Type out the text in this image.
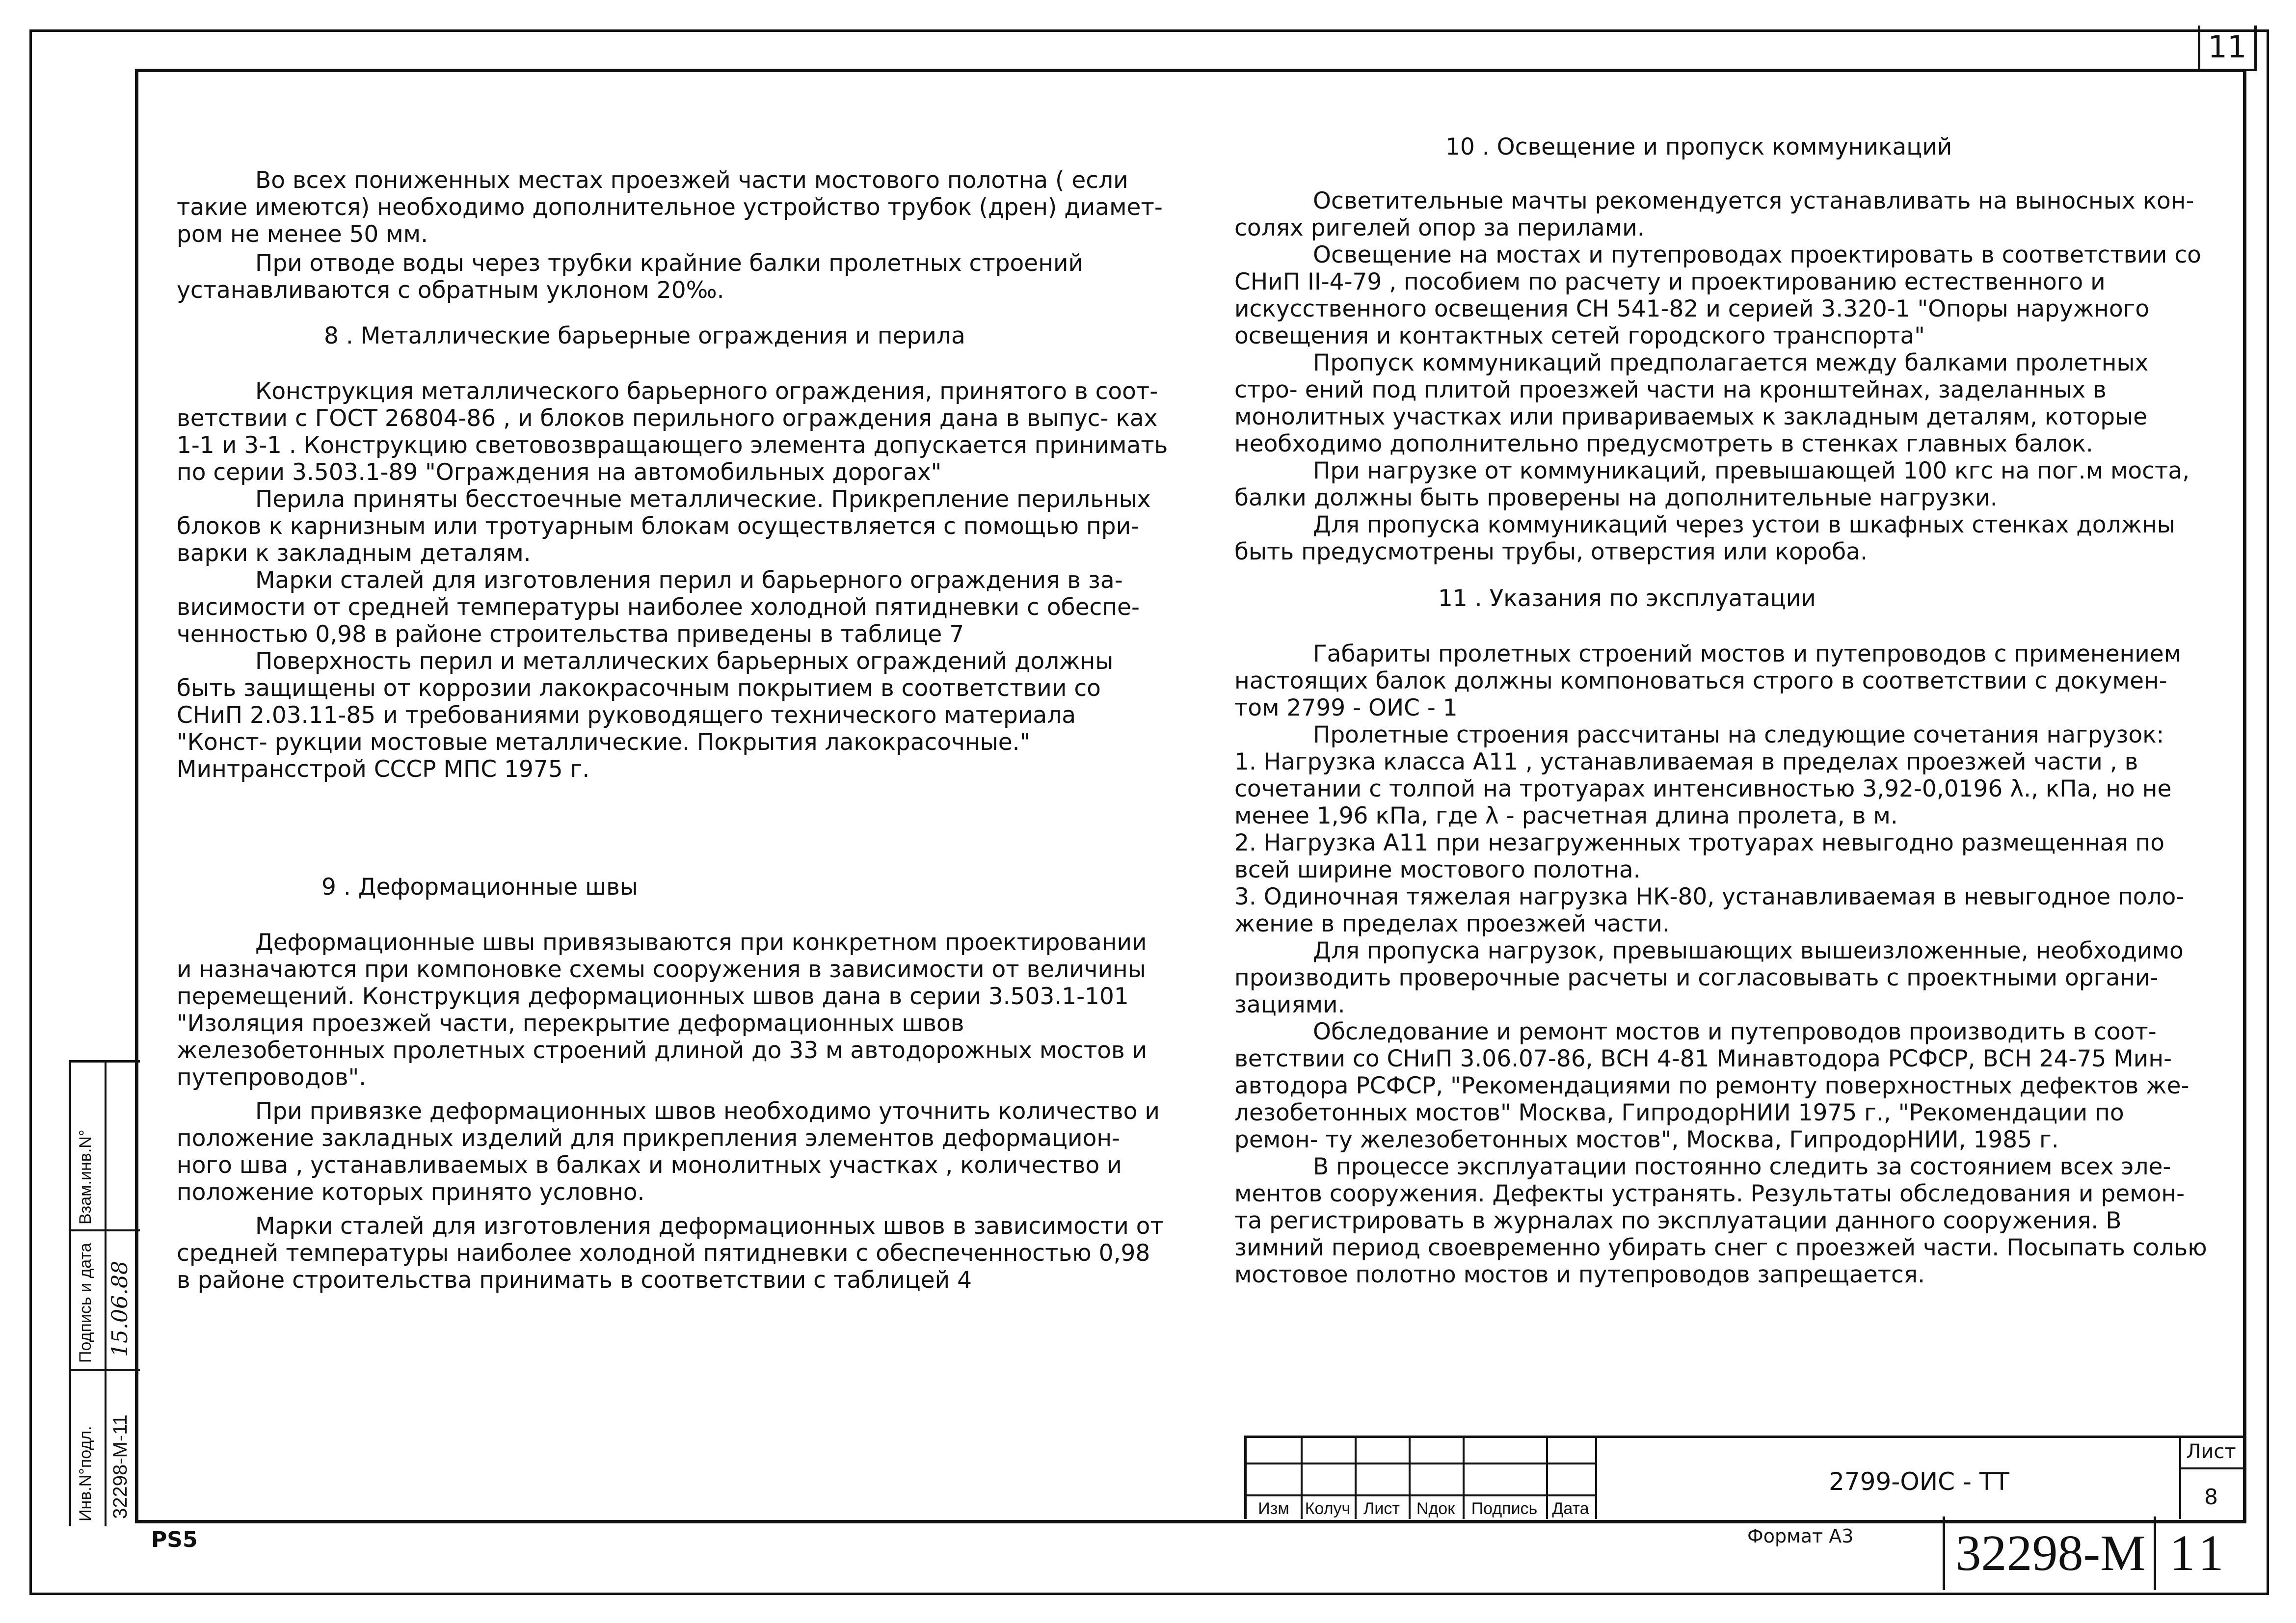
11

Во всех пониженных местах проезжей части мостового полотна ( если такие имеются) необходимо дополнительное устройство трубок (дрен) диамет- ром не менее 50 мм.

При отводе воды через трубки крайние балки пролетных строений устанавливаются с обратным уклоном 20‰.

8 . Металлические барьерные ограждения и перила

Конструкция металлического барьерного ограждения, принятого в соот- ветствии с ГОСТ 26804-86 , и блоков перильного ограждения дана в выпус- ках 1-1 и 3-1 . Конструкцию световозвращающего элемента допускается принимать по серии 3.503.1-89 "Ограждения на автомобильных дорогах"

Перила приняты бесстоечные металлические. Прикрепление перильных блоков к карнизным или тротуарным блокам осуществляется с помощью при- варки к закладным деталям.

Марки сталей для изготовления перил и барьерного ограждения в за- висимости от средней температуры наиболее холодной пятидневки с обеспе- ченностью 0,98 в районе строительства приведены в таблице 7

Поверхность перил и металлических барьерных ограждений должны быть защищены от коррозии лакокрасочным покрытием в соответствии со СНиП 2.03.11-85 и требованиями руководящего технического материала "Конст- рукции мостовые металлические. Покрытия лакокрасочные." Минтрансстрой СССР МПС 1975 г.

9 . Деформационные швы

Деформационные швы привязываются при конкретном проектировании и назначаются при компоновке схемы сооружения в зависимости от величины перемещений. Конструкция деформационных швов дана в серии 3.503.1-101 "Изоляция проезжей части, перекрытие деформационных швов железобетонных пролетных строений длиной до 33 м автодорожных мостов и путепроводов".

При привязке деформационных швов необходимо уточнить количество и положение закладных изделий для прикрепления элементов деформацион- ного шва , устанавливаемых в балках и монолитных участках , количество и положение которых принято условно.

Марки сталей для изготовления деформационных швов в зависимости от средней температуры наиболее холодной пятидневки с обеспеченностью 0,98 в районе строительства принимать в соответствии с таблицей 4

10 . Освещение и пропуск коммуникаций

Осветительные мачты рекомендуется устанавливать на выносных кон- солях ригелей опор за перилами.

Освещение на мостах и путепроводах проектировать в соответствии со СНиП II-4-79 , пособием по расчету и проектированию естественного и искусственного освещения СН 541-82 и серией 3.320-1 "Опоры наружного освещения и контактных сетей городского транспорта"

Пропуск коммуникаций предполагается между балками пролетных стро- ений под плитой проезжей части на кронштейнах, заделанных в монолитных участках или привариваемых к закладным деталям, которые необходимо дополнительно предусмотреть в стенках главных балок.

При нагрузке от коммуникаций, превышающей 100 кгс на пог.м моста, балки должны быть проверены на дополнительные нагрузки.

Для пропуска коммуникаций через устои в шкафных стенках должны быть предусмотрены трубы, отверстия или короба.

11 . Указания по эксплуатации

Габариты пролетных строений мостов и путепроводов с применением настоящих балок должны компоноваться строго в соответствии с докумен- том 2799 - ОИС - 1

Пролетные строения рассчитаны на следующие сочетания нагрузок:

1. Нагрузка класса А11 , устанавливаемая в пределах проезжей части , в сочетании с толпой на тротуарах интенсивностью 3,92-0,0196 λ., кПа, но не менее 1,96 кПа, где λ - расчетная длина пролета, в м.

2. Нагрузка А11 при незагруженных тротуарах невыгодно размещенная по всей ширине мостового полотна.

3. Одиночная тяжелая нагрузка НК-80, устанавливаемая в невыгодное поло- жение в пределах проезжей части.

Для пропуска нагрузок, превышающих вышеизложенные, необходимо производить проверочные расчеты и согласовывать с проектными органи- зациями.

Обследование и ремонт мостов и путепроводов производить в соот- ветствии со СНиП 3.06.07-86, ВСН 4-81 Минавтодора РСФСР, ВСН 24-75 Мин- автодора РСФСР, "Рекомендациями по ремонту поверхностных дефектов же- лезобетонных мостов" Москва, ГипродорНИИ 1975 г., "Рекомендации по ремон- ту железобетонных мостов", Москва, ГипродорНИИ, 1985 г.

В процессе эксплуатации постоянно следить за состоянием всех эле- ментов сооружения. Дефекты устранять. Результаты обследования и ремон- та регистрировать в журналах по эксплуатации данного сооружения. В зимний период своевременно убирать снег с проезжей части. Посыпать солью мостовое полотно мостов и путепроводов запрещается.

Взам.инв.N°
Подпись и дата
Инв.N°подл. 32298-М-11
15.06.88
Изм Колуч Лист Nдок Подпись Дата
2799-ОИС - ТТ
Лист
8
PS5	Формат А3 32298-М 11
